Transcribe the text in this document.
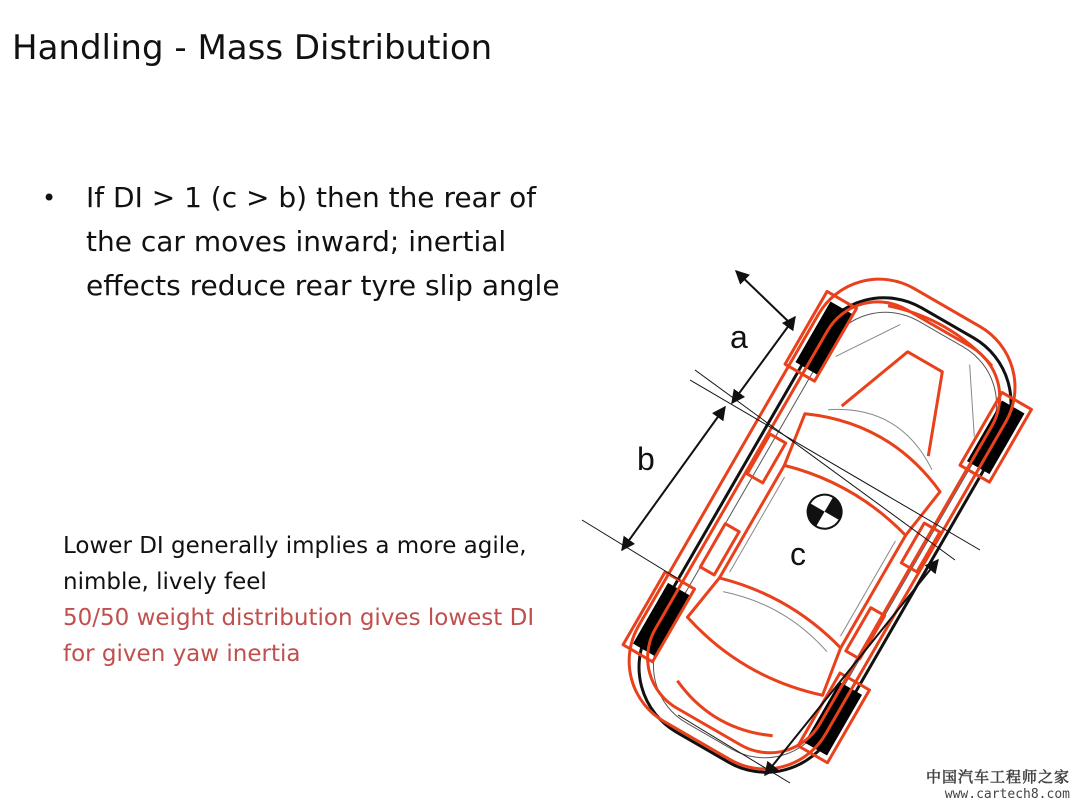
Handling - Mass Distribution
•	If DI > 1 (c > b) then the rear of the car moves inward; inertial effects reduce rear tyre slip angle
Lower DI generally implies a more agile,
nimble, lively feel
50/50 weight distribution gives lowest DI
for given yaw inertia
a
b
c
中国汽车工程师之家
www.cartech8.com
